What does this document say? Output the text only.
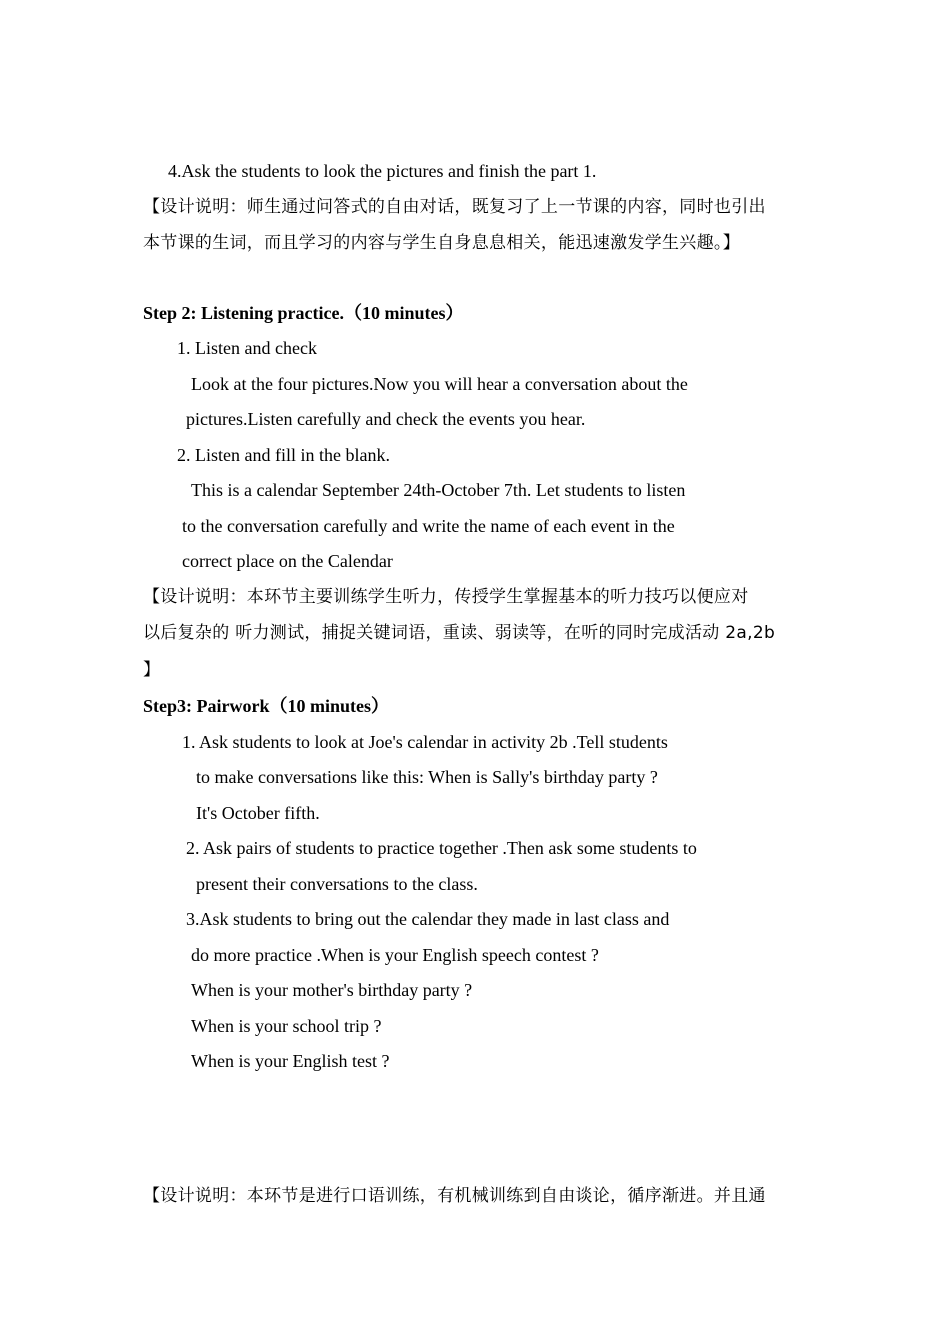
4.Ask the students to look the pictures and finish the part 1.
【设计说明：师生通过问答式的自由对话，既复习了上一节课的内容，同时也引出
本节课的生词，而且学习的内容与学生自身息息相关，能迅速激发学生兴趣。】
Step 2: Listening practice.（10 minutes）
1. Listen and check
Look at the four pictures.Now you will hear a conversation about the
pictures.Listen carefully and check the events you hear.
2. Listen and fill in the blank.
This is a calendar September 24th-October 7th. Let students to listen
to the conversation carefully and write the name of each event in the
correct place on the Calendar
【设计说明：本环节主要训练学生听力，传授学生掌握基本的听力技巧以便应对
以后复杂的 听力测试，捕捉关键词语，重读、弱读等，在听的同时完成活动 2a,2b
】
Step3: Pairwork（10 minutes）
1. Ask students to look at Joe's calendar in activity 2b .Tell students
to make conversations like this: When is Sally's birthday party ?
It's October fifth.
2. Ask pairs of students to practice together .Then ask some students to
present their conversations to the class.
3.Ask students to bring out the calendar they made in last class and
do more practice .When is your English speech contest ?
When is your mother's birthday party ?
When is your school trip ?
When is your English test ?
【设计说明：本环节是进行口语训练，有机械训练到自由谈论，循序渐进。并且通
